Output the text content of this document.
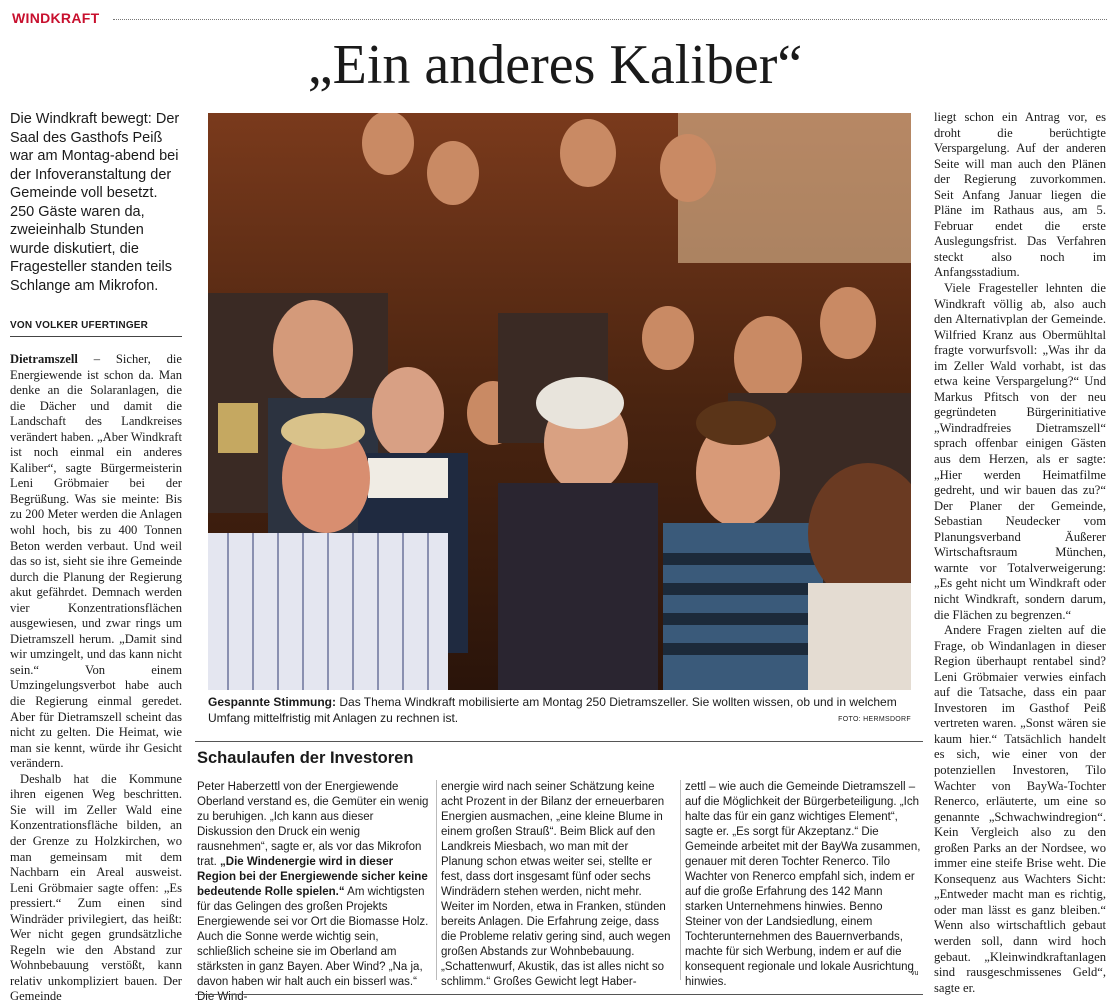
WINDKRAFT
„Ein anderes Kaliber“
Die Windkraft bewegt: Der Saal des Gasthofs Peiß war am Montag-abend bei der Infoveranstaltung der Gemeinde voll besetzt. 250 Gäste waren da, zweieinhalb Stunden wurde diskutiert, die Fragesteller standen teils Schlange am Mikrofon.
VON VOLKER UFERTINGER
Dietramszell – Sicher, die Energiewende ist schon da. Man denke an die Solaranlagen, die die Dächer und damit die Landschaft des Landkreises verändert haben. „Aber Windkraft ist noch einmal ein anderes Kaliber“, sagte Bürgermeisterin Leni Gröbmaier bei der Begrüßung. Was sie meinte: Bis zu 200 Meter werden die Anlagen wohl hoch, bis zu 400 Tonnen Beton werden verbaut. Und weil das so ist, sieht sie ihre Gemeinde durch die Planung der Regierung akut gefährdet. Demnach werden vier Konzentrationsflächen ausgewiesen, und zwar rings um Dietramszell herum. „Damit sind wir umzingelt, und das kann nicht sein.“ Von einem Umzingelungsverbot habe auch die Regierung einmal geredet. Aber für Dietramszell scheint das nicht zu gelten. Die Heimat, wie man sie kennt, würde ihr Gesicht verändern.
Deshalb hat die Kommune ihren eigenen Weg beschritten. Sie will im Zeller Wald eine Konzentrationsfläche bilden, an der Grenze zu Holzkirchen, wo man gemeinsam mit dem Nachbarn ein Areal ausweist. Leni Gröbmaier sagte offen: „Es pressiert.“ Zum einen sind Windräder privilegiert, das heißt: Wer nicht gegen grundsätzliche Regeln wie den Abstand zur Wohnbebauung verstößt, kann relativ unkompliziert bauen. Der Gemeinde
Gespannte Stimmung: Das Thema Windkraft mobilisierte am Montag 250 Dietramszeller. Sie wollten wissen, ob und in welchem Umfang mittelfristig mit Anlagen zu rechnen ist.	FOTO: HERMSDORF
Schaulaufen der Investoren
Peter Haberzettl von der Energiewende Oberland verstand es, die Gemüter ein wenig zu beruhigen. „Ich kann aus dieser Diskussion den Druck ein wenig rausnehmen“, sagte er, als vor das Mikrofon trat. „Die Windenergie wird in dieser Region bei der Energiewende sicher keine bedeutende Rolle spielen.“ Am wichtigsten für das Gelingen des großen Projekts Energiewende sei vor Ort die Biomasse Holz. Auch die Sonne werde wichtig sein, schließlich scheine sie im Oberland am stärksten in ganz Bayen. Aber Wind? „Na ja, davon haben wir halt auch ein bisserl was.“ Die Wind-
energie wird nach seiner Schätzung keine acht Prozent in der Bilanz der erneuerbaren Energien ausmachen, „eine kleine Blume in einem großen Strauß“. Beim Blick auf den Landkreis Miesbach, wo man mit der Planung schon etwas weiter sei, stellte er fest, dass dort insgesamt fünf oder sechs Windrädern stehen werden, nicht mehr. Weiter im Norden, etwa in Franken, stünden bereits Anlagen. Die Erfahrung zeige, dass die Probleme relativ gering sind, auch wegen großen Abstands zur Wohnbebauung. „Schattenwurf, Akustik, das ist alles nicht so schlimm.“ Großes Gewicht legt Haber-
zettl – wie auch die Gemeinde Dietramszell – auf die Möglichkeit der Bürgerbeteiligung. „Ich halte das für ein ganz wichtiges Element“, sagte er. „Es sorgt für Akzeptanz.“ Die Gemeinde arbeitet mit der BayWa zusammen, genauer mit deren Tochter Renerco. Tilo Wachter von Renerco empfahl sich, indem er auf die große Erfahrung des 142 Mann starken Unternehmens hinwies. Benno Steiner von der Landsiedlung, einem Tochterunternehmen des Bauernverbands, machte für sich Werbung, indem er auf die konsequent regionale und lokale Ausrichtung hinwies.
vu
liegt schon ein Antrag vor, es droht die berüchtigte Verspargelung. Auf der anderen Seite will man auch den Plänen der Regierung zuvorkommen. Seit Anfang Januar liegen die Pläne im Rathaus aus, am 5. Februar endet die erste Auslegungsfrist. Das Verfahren steckt also noch im Anfangsstadium.
Viele Fragesteller lehnten die Windkraft völlig ab, also auch den Alternativplan der Gemeinde. Wilfried Kranz aus Obermühltal fragte vorwurfsvoll: „Was ihr da im Zeller Wald vorhabt, ist das etwa keine Verspargelung?“ Und Markus Pfitsch von der neu gegründeten Bürgerinitiative „Windradfreies Dietramszell“ sprach offenbar einigen Gästen aus dem Herzen, als er sagte: „Hier werden Heimatfilme gedreht, und wir bauen das zu?“ Der Planer der Gemeinde, Sebastian Neudecker vom Planungsverband Äußerer Wirtschaftsraum München, warnte vor Totalverweigerung: „Es geht nicht um Windkraft oder nicht Windkraft, sondern darum, die Flächen zu begrenzen.“
Andere Fragen zielten auf die Frage, ob Windanlagen in dieser Region überhaupt rentabel sind? Leni Gröbmaier verwies einfach auf die Tatsache, dass ein paar Investoren im Gasthof Peiß vertreten waren. „Sonst wären sie kaum hier.“ Tatsächlich handelt es sich, wie einer von der potenziellen Investoren, Tilo Wachter von BayWa-Tochter Renerco, erläuterte, um eine so genannte „Schwachwindregion“. Kein Vergleich also zu den großen Parks an der Nordsee, wo immer eine steife Brise weht. Die Konsequenz aus Wachters Sicht: „Entweder macht man es richtig, oder man lässt es ganz bleiben.“ Wenn also wirtschaftlich gebaut werden soll, dann wird hoch gebaut. „Kleinwindkraftanlagen sind rausgeschmissenes Geld“, sagte er.
